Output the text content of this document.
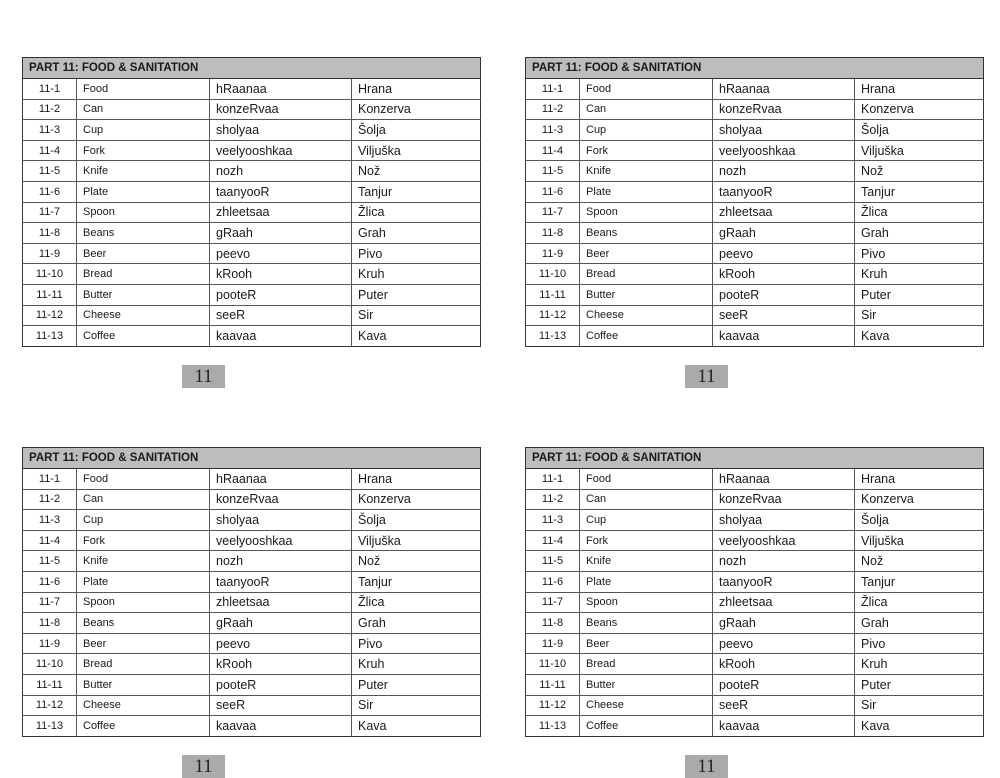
PART 11: FOOD & SANITATION			
11-1	Food	hRaanaa	Hrana
11-2	Can	konzeRvaa	Konzerva
11-3	Cup	sholyaa	Šolja
11-4	Fork	veelyooshkaa	Viljuška
11-5	Knife	nozh	Nož
11-6	Plate	taanyooR	Tanjur
11-7	Spoon	zhleetsaa	Žlica
11-8	Beans	gRaah	Grah
11-9	Beer	peevo	Pivo
11-10	Bread	kRooh	Kruh
11-11	Butter	pooteR	Puter
11-12	Cheese	seeR	Sir
11-13	Coffee	kaavaa	Kava
11
PART 11: FOOD & SANITATION			
11-1	Food	hRaanaa	Hrana
11-2	Can	konzeRvaa	Konzerva
11-3	Cup	sholyaa	Šolja
11-4	Fork	veelyooshkaa	Viljuška
11-5	Knife	nozh	Nož
11-6	Plate	taanyooR	Tanjur
11-7	Spoon	zhleetsaa	Žlica
11-8	Beans	gRaah	Grah
11-9	Beer	peevo	Pivo
11-10	Bread	kRooh	Kruh
11-11	Butter	pooteR	Puter
11-12	Cheese	seeR	Sir
11-13	Coffee	kaavaa	Kava
11
PART 11: FOOD & SANITATION			
11-1	Food	hRaanaa	Hrana
11-2	Can	konzeRvaa	Konzerva
11-3	Cup	sholyaa	Šolja
11-4	Fork	veelyooshkaa	Viljuška
11-5	Knife	nozh	Nož
11-6	Plate	taanyooR	Tanjur
11-7	Spoon	zhleetsaa	Žlica
11-8	Beans	gRaah	Grah
11-9	Beer	peevo	Pivo
11-10	Bread	kRooh	Kruh
11-11	Butter	pooteR	Puter
11-12	Cheese	seeR	Sir
11-13	Coffee	kaavaa	Kava
11
PART 11: FOOD & SANITATION			
11-1	Food	hRaanaa	Hrana
11-2	Can	konzeRvaa	Konzerva
11-3	Cup	sholyaa	Šolja
11-4	Fork	veelyooshkaa	Viljuška
11-5	Knife	nozh	Nož
11-6	Plate	taanyooR	Tanjur
11-7	Spoon	zhleetsaa	Žlica
11-8	Beans	gRaah	Grah
11-9	Beer	peevo	Pivo
11-10	Bread	kRooh	Kruh
11-11	Butter	pooteR	Puter
11-12	Cheese	seeR	Sir
11-13	Coffee	kaavaa	Kava
11
